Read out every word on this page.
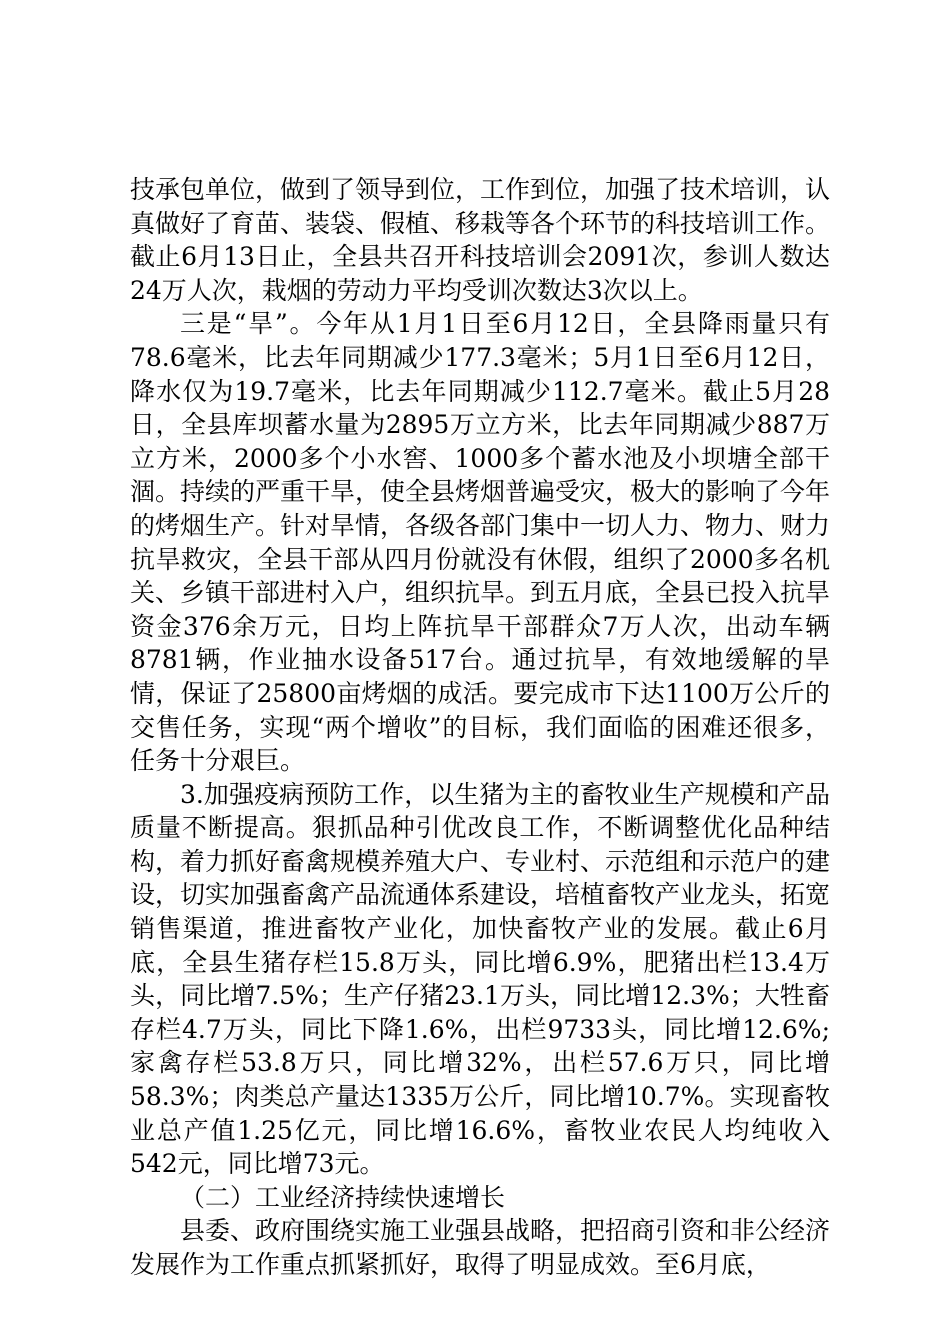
技承包单位，做到了领导到位，工作到位，加强了技术培训，认真做好了育苗、装袋、假植、移栽等各个环节的科技培训工作。截止6月13日止，全县共召开科技培训会2091次，参训人数达24万人次，栽烟的劳动力平均受训次数达3次以上。

三是“旱”。今年从1月1日至6月12日，全县降雨量只有78.6毫米，比去年同期减少177.3毫米；5月1日至6月12日，降水仅为19.7毫米，比去年同期减少112.7毫米。截止5月28日，全县库坝蓄水量为2895万立方米，比去年同期减少887万立方米，2000多个小水窖、1000多个蓄水池及小坝塘全部干涸。持续的严重干旱，使全县烤烟普遍受灾，极大的影响了今年的烤烟生产。针对旱情，各级各部门集中一切人力、物力、财力抗旱救灾，全县干部从四月份就没有休假，组织了2000多名机关、乡镇干部进村入户，组织抗旱。到五月底，全县已投入抗旱资金376余万元，日均上阵抗旱干部群众7万人次，出动车辆8781辆，作业抽水设备517台。通过抗旱，有效地缓解的旱情，保证了25800亩烤烟的成活。要完成市下达1100万公斤的交售任务，实现“两个增收”的目标，我们面临的困难还很多，任务十分艰巨。

3.加强疫病预防工作，以生猪为主的畜牧业生产规模和产品质量不断提高。狠抓品种引优改良工作，不断调整优化品种结构，着力抓好畜禽规模养殖大户、专业村、示范组和示范户的建设，切实加强畜禽产品流通体系建设，培植畜牧产业龙头，拓宽销售渠道，推进畜牧产业化，加快畜牧产业的发展。截止6月底，全县生猪存栏15.8万头，同比增6.9%，肥猪出栏13.4万头，同比增7.5%；生产仔猪23.1万头，同比增12.3%；大牲畜存栏4.7万头，同比下降1.6%，出栏9733头，同比增12.6%;家禽存栏53.8万只，同比增32%，出栏57.6万只，同比增58.3%；肉类总产量达1335万公斤，同比增10.7%。实现畜牧业总产值1.25亿元，同比增16.6%，畜牧业农民人均纯收入542元，同比增73元。

（二）工业经济持续快速增长

县委、政府围绕实施工业强县战略，把招商引资和非公经济发展作为工作重点抓紧抓好，取得了明显成效。至6月底，
